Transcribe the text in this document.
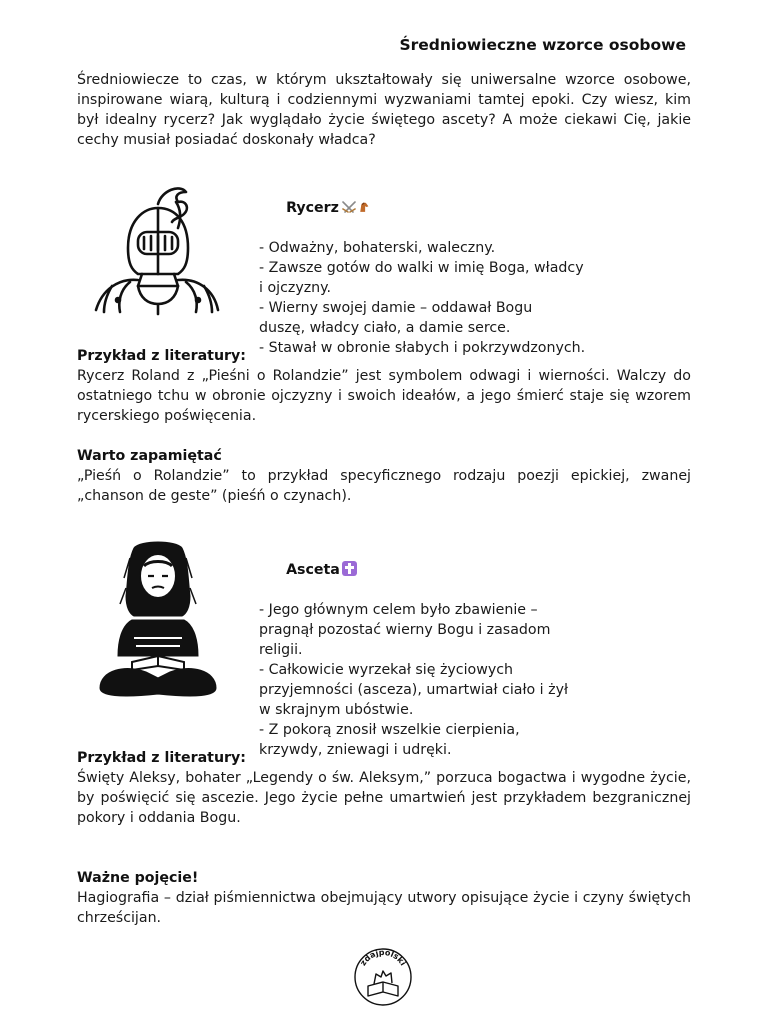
Średniowieczne wzorce osobowe

Średniowiecze to czas, w którym ukształtowały się uniwersalne wzorce osobowe, inspirowane wiarą, kulturą i codziennymi wyzwaniami tamtej epoki. Czy wiesz, kim był idealny rycerz? Jak wyglądało życie świętego ascety? A może ciekawi Cię, jakie cechy musiał posiadać doskonały władca?

Rycerz

- Odważny, bohaterski, waleczny.
- Zawsze gotów do walki w imię Boga, władcy
i ojczyzny.
- Wierny swojej damie – oddawał Bogu
duszę, władcy ciało, a damie serce.
- Stawał w obronie słabych i pokrzywdzonych.

Przykład z literatury:

Rycerz Roland z „Pieśni o Rolandzie” jest symbolem odwagi i wierności. Walczy do ostatniego tchu w obronie ojczyzny i swoich ideałów, a jego śmierć staje się wzorem rycerskiego poświęcenia.

Warto zapamiętać

„Pieśń o Rolandzie” to przykład specyficznego rodzaju poezji epickiej, zwanej „chanson de geste” (pieśń o czynach).

Asceta

- Jego głównym celem było zbawienie –
pragnął pozostać wierny Bogu i zasadom
religii.
- Całkowicie wyrzekał się życiowych
przyjemności (asceza), umartwiał ciało i żył
w skrajnym ubóstwie.
- Z pokorą znosił wszelkie cierpienia,
krzywdy, zniewagi i udręki.

Przykład z literatury:

Święty Aleksy, bohater „Legendy o św. Aleksym,” porzuca bogactwa i wygodne życie, by poświęcić się ascezie. Jego życie pełne umartwień jest przykładem bezgranicznej pokory i oddania Bogu.

Ważne pojęcie!

Hagiografia – dział piśmiennictwa obejmujący utwory opisujące życie i czyny świętych chrześcijan.

zdajpolski
